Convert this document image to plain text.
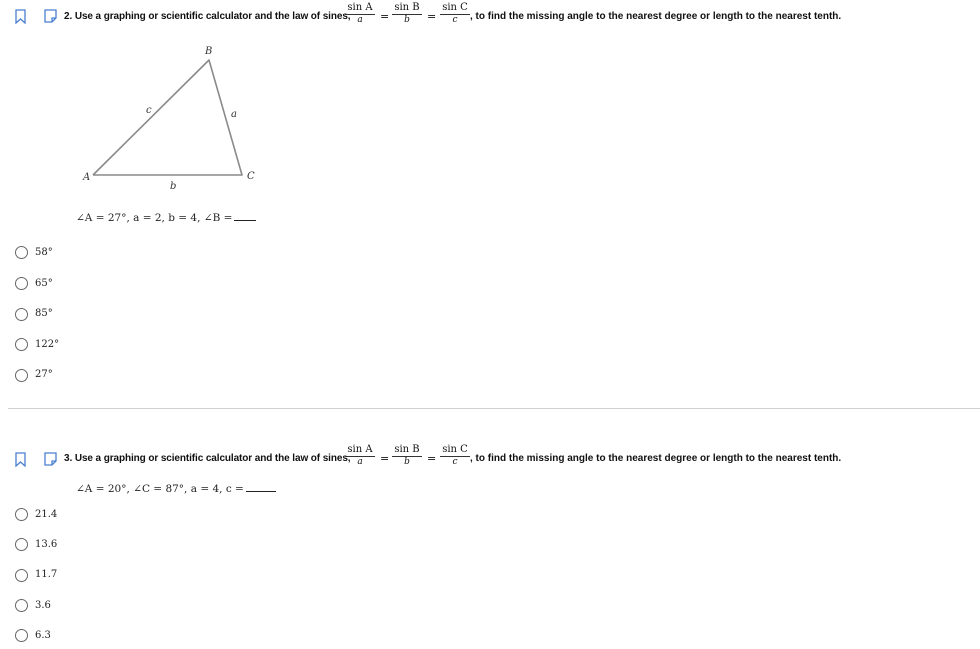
2. Use a graphing or scientific calculator and the law of sines,
$\frac{\text{sin A}}{a} = \frac{\text{sin B}}{b} = \frac{\text{sin C}}{c}$ , to find the missing angle to the nearest degree or length to the nearest tenth.
B
A	C
c	a
b
∠A = 27°, a = 2, b = 4, ∠B =
58°
65°
85°
122°
27°
3. Use a graphing or scientific calculator and the law of sines,
$\frac{\text{sin A}}{a} = \frac{\text{sin B}}{b} = \frac{\text{sin C}}{c}$ , to find the missing angle to the nearest degree or length to the nearest tenth.
∠A = 20°, ∠C = 87°, a = 4, c =
21.4
13.6
11.7
3.6
6.3
